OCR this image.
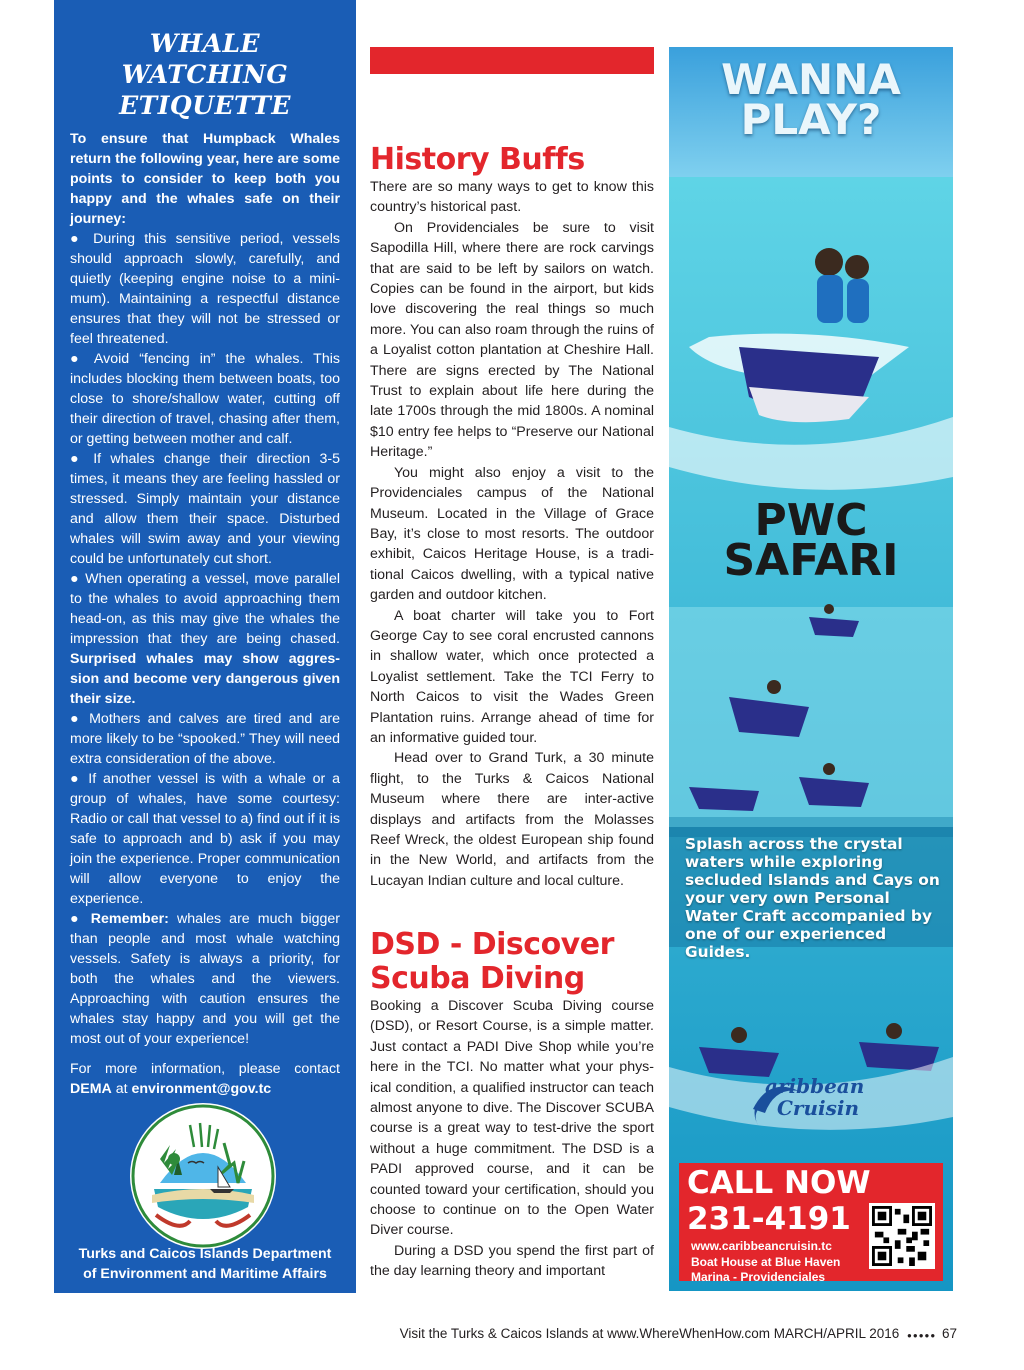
WHALE
WATCHING
ETIQUETTE

To ensure that Humpback Whales return the following year, here are some points to consider to keep both you happy and the whales safe on their journey:

● During this sensitive period, vessels should approach slowly, carefully, and quietly (keeping engine noise to a mini-mum). Maintaining a respectful distance ensures that they will not be stressed or feel threatened.

● Avoid “fencing in” the whales. This includes blocking them between boats, too close to shore/shallow water, cutting off their direction of travel, chasing after them, or getting between mother and calf.

● If whales change their direction 3-5 times, it means they are feeling hassled or stressed. Simply maintain your distance and allow them their space. Disturbed whales will swim away and your viewing could be unfortunately cut short.

● When operating a vessel, move parallel to the whales to avoid approaching them head-on, as this may give the whales the impression that they are being chased. Surprised whales may show aggres-sion and become very dangerous given their size.

● Mothers and calves are tired and are more likely to be “spooked.” They will need extra consideration of the above.

● If another vessel is with a whale or a group of whales, have some courtesy: Radio or call that vessel to a) find out if it is safe to approach and b) ask if you may join the experience. Proper communication will allow everyone to enjoy the experience.

● Remember: whales are much bigger than people and most whale watching vessels. Safety is always a priority, for both the whales and the viewers. Approaching with caution ensures the whales stay happy and you will get the most out of your experience!

For more information, please contact DEMA at environment@gov.tc

Turks and Caicos Islands Department
of Environment and Maritime Affairs
History Buffs

There are so many ways to get to know this country’s historical past.

On Providenciales be sure to visit Sapodilla Hill, where there are rock carvings that are said to be left by sailors on watch. Copies can be found in the airport, but kids love discovering the real things so much more. You can also roam through the ruins of a Loyalist cotton plantation at Cheshire Hall. There are signs erected by The National Trust to explain about life here during the late 1700s through the mid 1800s. A nominal $10 entry fee helps to “Preserve our National Heritage.”

You might also enjoy a visit to the Providenciales campus of the National Museum. Located in the Village of Grace Bay, it’s close to most resorts. The outdoor exhibit, Caicos Heritage House, is a tradi-tional Caicos dwelling, with a typical native garden and outdoor kitchen.

A boat charter will take you to Fort George Cay to see coral encrusted cannons in shallow water, which once protected a Loyalist settlement. Take the TCI Ferry to North Caicos to visit the Wades Green Plantation ruins. Arrange ahead of time for an informative guided tour.

Head over to Grand Turk, a 30 minute flight, to the Turks & Caicos National Museum where there are inter-active displays and artifacts from the Molasses Reef Wreck, the oldest European ship found in the New World, and artifacts from the Lucayan Indian culture and local culture.

DSD - Discover
Scuba Diving

Booking a Discover Scuba Diving course (DSD), or Resort Course, is a simple matter. Just contact a PADI Dive Shop while you’re here in the TCI. No matter what your phys-ical condition, a qualified instructor can teach almost anyone to dive. The Discover SCUBA course is a great way to test-drive the sport without a huge commitment. The DSD is a PADI approved course, and it can be counted toward your certification, should you choose to continue on to the Open Water Diver course.

During a DSD you spend the first part of the day learning theory and important

WANNA
PLAY?
PWC
SAFARI
Splash across the crystal waters while exploring secluded Islands and Cays on your very own Personal Water Craft accompanied by one of our experienced Guides.
aribbean
Cruisin
CALL NOW
231-4191
www.caribbeancruisin.tc
Boat House at Blue Haven Marina - Providenciales
Visit the Turks & Caicos Islands at www.WhereWhenHow.com MARCH/APRIL 2016 ●●●●● 67
